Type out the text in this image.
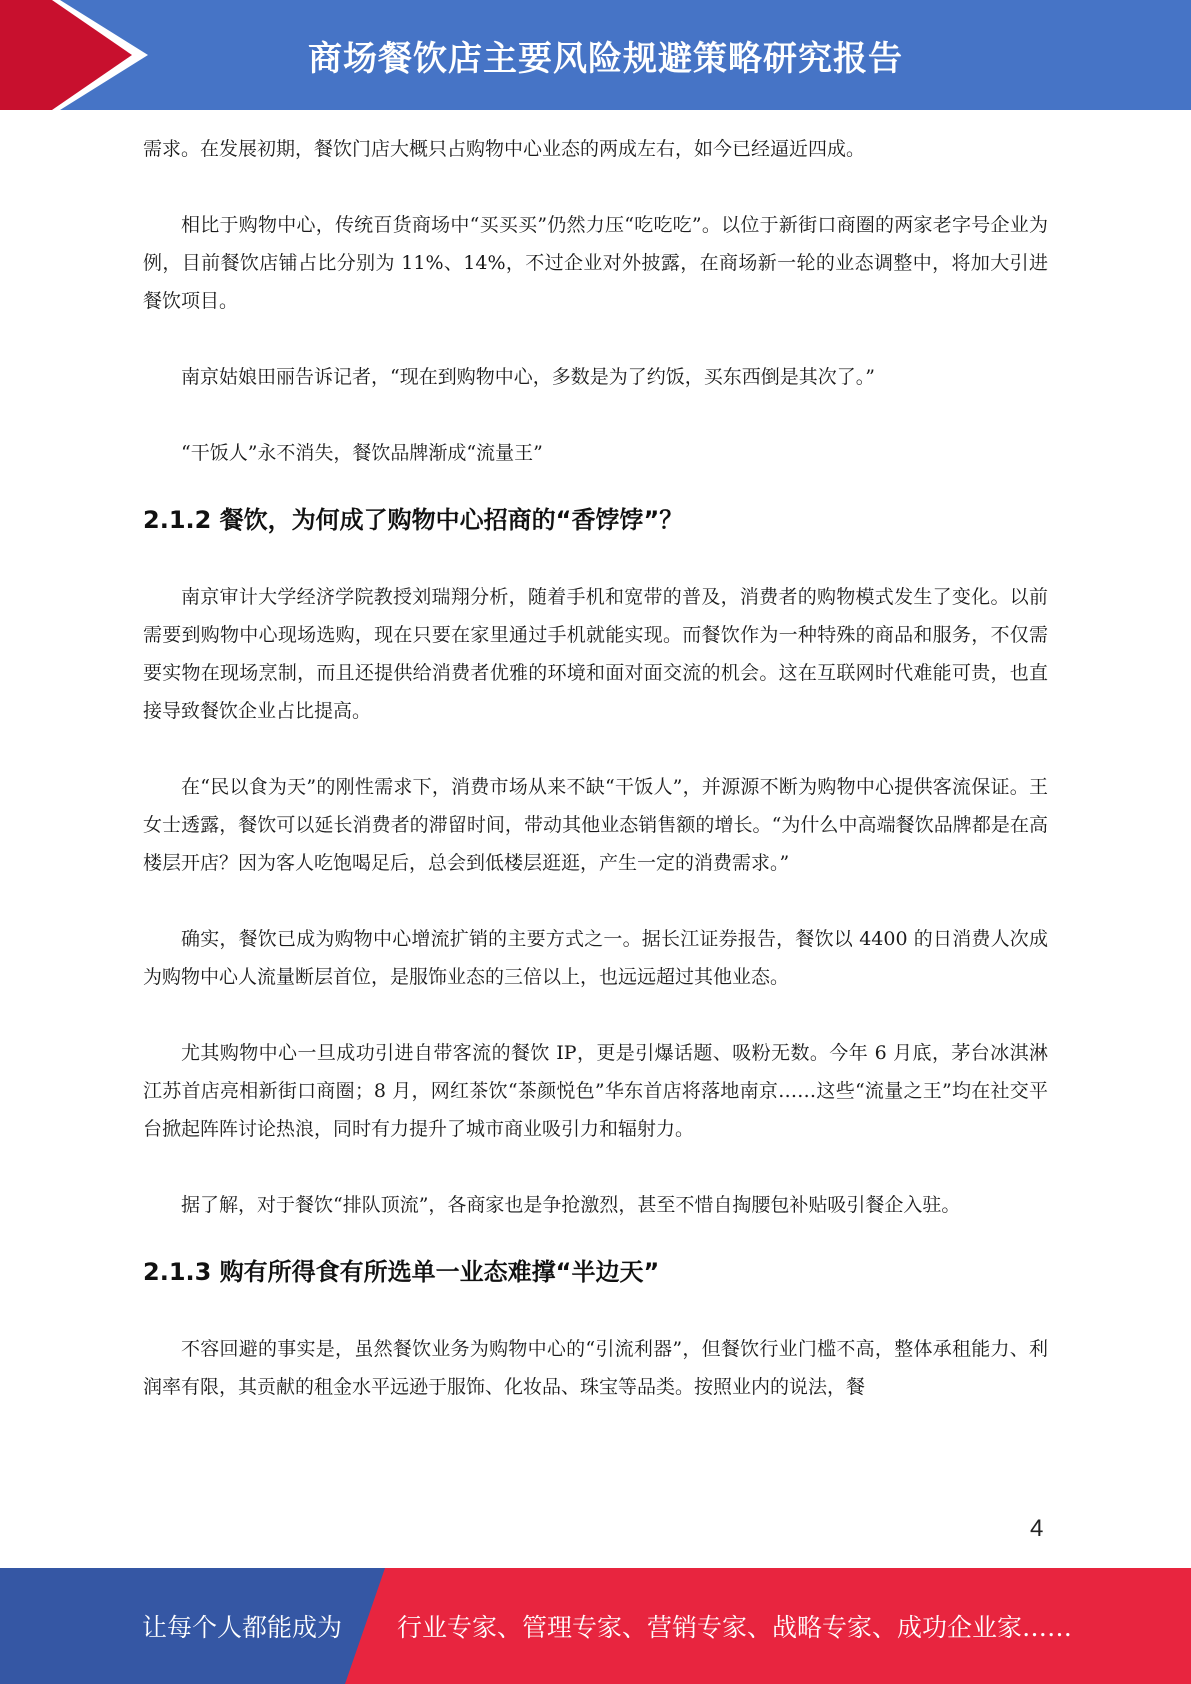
商场餐饮店主要风险规避策略研究报告

需求。在发展初期，餐饮门店大概只占购物中心业态的两成左右，如今已经逼近四成。

相比于购物中心，传统百货商场中“买买买”仍然力压“吃吃吃”。以位于新街口商圈的两家老字号企业为例，目前餐饮店铺占比分别为 11%、14%，不过企业对外披露，在商场新一轮的业态调整中，将加大引进餐饮项目。

南京姑娘田丽告诉记者，“现在到购物中心，多数是为了约饭，买东西倒是其次了。”

“干饭人”永不消失，餐饮品牌渐成“流量王”

2.1.2 餐饮，为何成了购物中心招商的“香饽饽”？

南京审计大学经济学院教授刘瑞翔分析，随着手机和宽带的普及，消费者的购物模式发生了变化。以前需要到购物中心现场选购，现在只要在家里通过手机就能实现。而餐饮作为一种特殊的商品和服务，不仅需要实物在现场烹制，而且还提供给消费者优雅的环境和面对面交流的机会。这在互联网时代难能可贵，也直接导致餐饮企业占比提高。

在“民以食为天”的刚性需求下，消费市场从来不缺“干饭人”，并源源不断为购物中心提供客流保证。王女士透露，餐饮可以延长消费者的滞留时间，带动其他业态销售额的增长。“为什么中高端餐饮品牌都是在高楼层开店？因为客人吃饱喝足后，总会到低楼层逛逛，产生一定的消费需求。”

确实，餐饮已成为购物中心增流扩销的主要方式之一。据长江证券报告，餐饮以 4400 的日消费人次成为购物中心人流量断层首位，是服饰业态的三倍以上，也远远超过其他业态。

尤其购物中心一旦成功引进自带客流的餐饮 IP，更是引爆话题、吸粉无数。今年 6 月底，茅台冰淇淋江苏首店亮相新街口商圈；8 月，网红茶饮“茶颜悦色”华东首店将落地南京……这些“流量之王”均在社交平台掀起阵阵讨论热浪，同时有力提升了城市商业吸引力和辐射力。

据了解，对于餐饮“排队顶流”，各商家也是争抢激烈，甚至不惜自掏腰包补贴吸引餐企入驻。

2.1.3 购有所得食有所选单一业态难撑“半边天”

不容回避的事实是，虽然餐饮业务为购物中心的“引流利器”，但餐饮行业门槛不高，整体承租能力、利润率有限，其贡献的租金水平远逊于服饰、化妆品、珠宝等品类。按照业内的说法，餐

4
让每个人都能成为 行业专家、管理专家、营销专家、战略专家、成功企业家……
